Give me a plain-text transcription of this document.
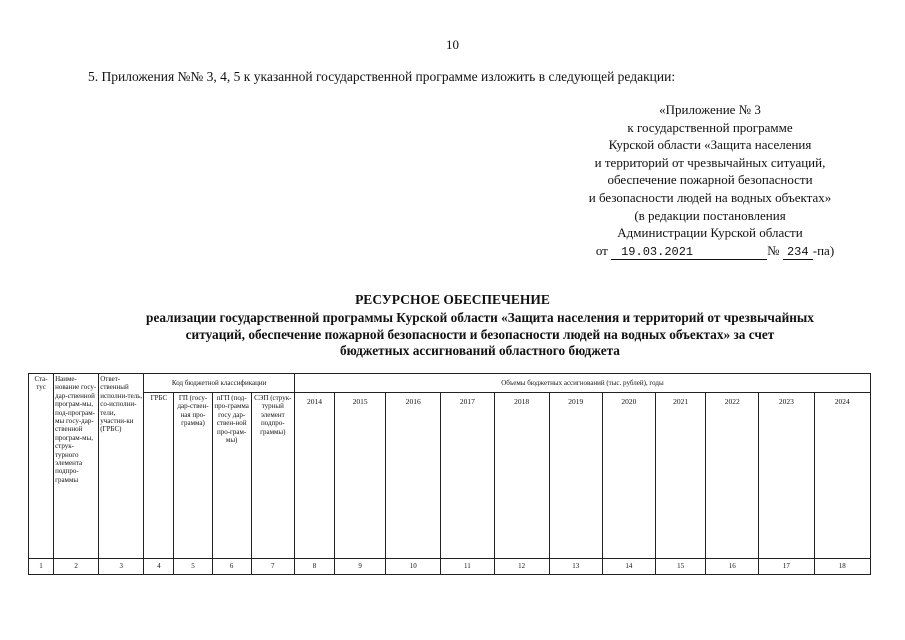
10
5. Приложения №№ 3, 4, 5 к указанной государственной программе изложить в следующей редакции:
«Приложение № 3
к государственной программе
Курской области «Защита населения
и территорий от чрезвычайных ситуаций,
обеспечение пожарной безопасности
и безопасности людей на водных объектах»
(в редакции постановления
Администрации Курской области
от 19.03.2021	№ 234 -па)
РЕСУРСНОЕ ОБЕСПЕЧЕНИЕ
реализации государственной программы Курской области «Защита населения и территорий от чрезвычайных
ситуаций, обеспечение пожарной безопасности и безопасности людей на водных объектах» за счет
бюджетных ассигнований областного бюджета
Ста-тус	Наиме-нование госу-дар-ственной програм-мы, под-програм-мы госу-дар-ственной програм-мы, струк-турного элемента подпро-граммы	Ответ-ственный исполни-тель, со-исполни-тели, участни-ки (ГРБС)	Код бюджетной классификации				Объемы бюджетных ассигнований (тыс. рублей), годы										
			ГРБС	ГП (госу-дар-ствен-ная про-грамма)	пГП (под-про-грамма госу дар-ствен-ной про-грам-мы)	СЭП (струк-турный элемент подпро-граммы)	2014	2015	2016	2017	2018	2019	2020	2021	2022	2023	2024
1	2	3	4	5	6	7	8	9	10	11	12	13	14	15	16	17	18
